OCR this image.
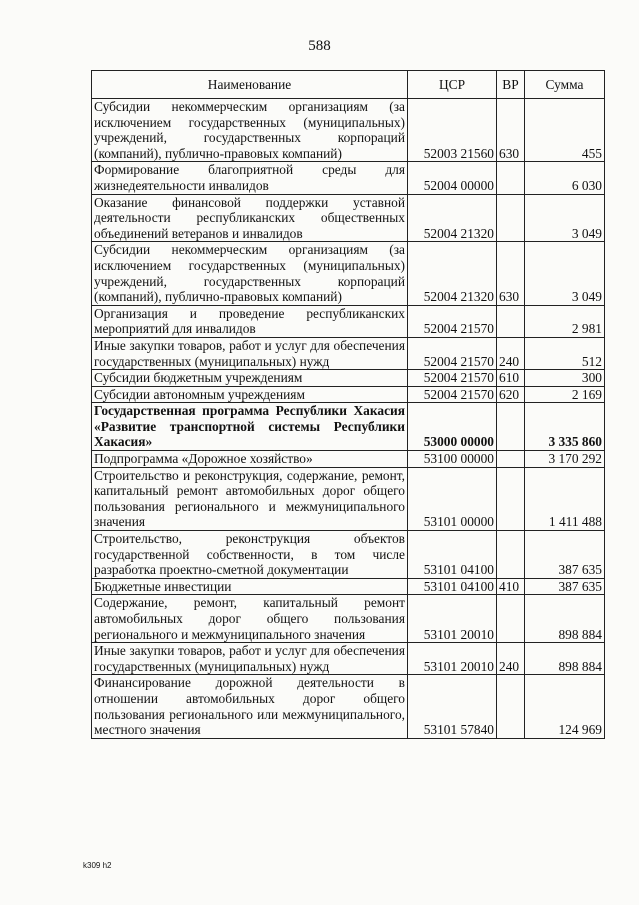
588
Наименование	ЦСР	ВР	Сумма
Субсидии некоммерческим организациям (за исключением государственных (муниципальных) учреждений, государственных корпораций (компаний), публично-правовых компаний)	52003 21560	630	455
Формирование благоприятной среды для жизнедеятельности инвалидов	52004 00000		6 030
Оказание финансовой поддержки уставной деятельности республиканских общественных объединений ветеранов и инвалидов	52004 21320		3 049
Субсидии некоммерческим организациям (за исключением государственных (муниципальных) учреждений, государственных корпораций (компаний), публично-правовых компаний)	52004 21320	630	3 049
Организация и проведение республиканских мероприятий для инвалидов	52004 21570		2 981
Иные закупки товаров, работ и услуг для обеспечения государственных (муниципальных) нужд	52004 21570	240	512
Субсидии бюджетным учреждениям	52004 21570	610	300
Субсидии автономным учреждениям	52004 21570	620	2 169
Государственная программа Республики Хакасия «Развитие транспортной системы Республики Хакасия»	53000 00000		3 335 860
Подпрограмма «Дорожное хозяйство»	53100 00000		3 170 292
Строительство и реконструкция, содержание, ремонт, капитальный ремонт автомобильных дорог общего пользования регионального и межмуниципального значения	53101 00000		1 411 488
Строительство, реконструкция объектов государственной собственности, в том числе разработка проектно-сметной документации	53101 04100		387 635
Бюджетные инвестиции	53101 04100	410	387 635
Содержание, ремонт, капитальный ремонт автомобильных дорог общего пользования регионального и межмуниципального значения	53101 20010		898 884
Иные закупки товаров, работ и услуг для обеспечения государственных (муниципальных) нужд	53101 20010	240	898 884
Финансирование дорожной деятельности в отношении автомобильных дорог общего пользования регионального или межмуниципального, местного значения	53101 57840		124 969
k309 h2
